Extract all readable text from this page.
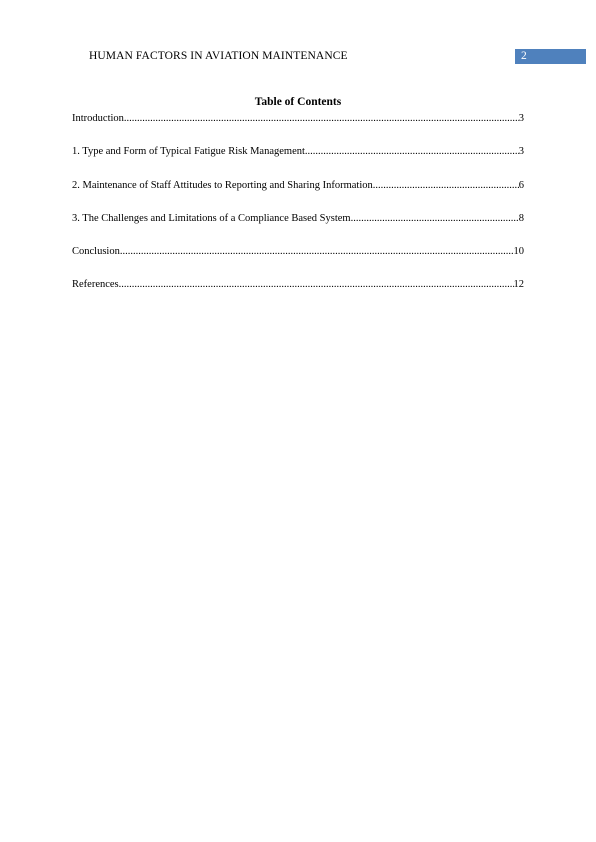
HUMAN FACTORS IN AVIATION MAINTENANCE	2
Table of Contents
Introduction .....	3
1. Type and Form of Typical Fatigue Risk Management .....	3
2. Maintenance of Staff Attitudes to Reporting and Sharing Information .....	6
3. The Challenges and Limitations of a Compliance Based System .....	8
Conclusion .....	10
References .....	12
